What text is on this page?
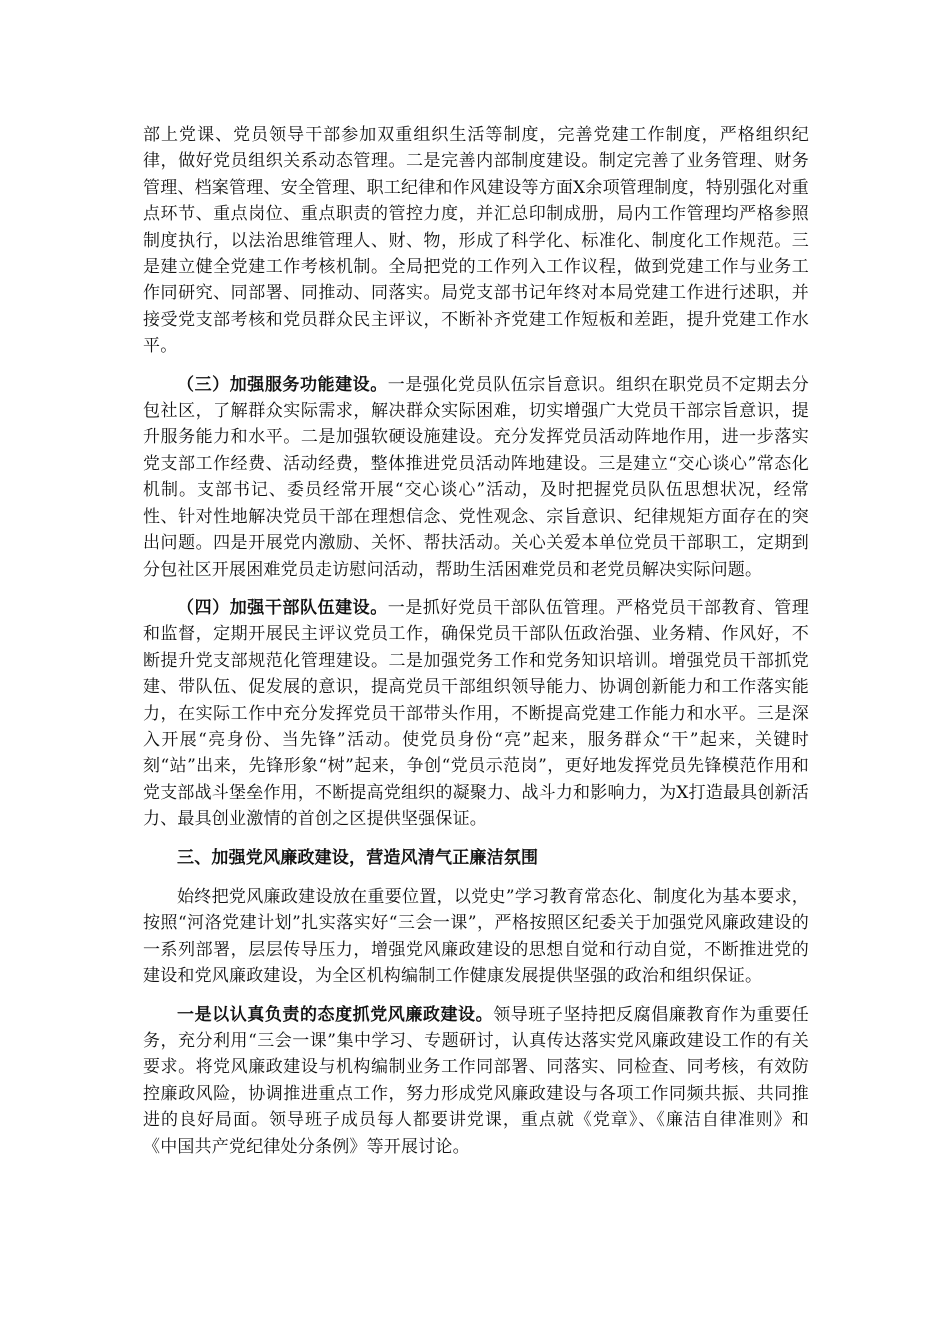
部上党课、党员领导干部参加双重组织生活等制度，完善党建工作制度，严格组织纪律，做好党员组织关系动态管理。二是完善内部制度建设。制定完善了业务管理、财务管理、档案管理、安全管理、职工纪律和作风建设等方面X余项管理制度，特别强化对重点环节、重点岗位、重点职责的管控力度，并汇总印制成册，局内工作管理均严格参照制度执行，以法治思维管理人、财、物，形成了科学化、标准化、制度化工作规范。三是建立健全党建工作考核机制。全局把党的工作列入工作议程，做到党建工作与业务工作同研究、同部署、同推动、同落实。局党支部书记年终对本局党建工作进行述职，并接受党支部考核和党员群众民主评议，不断补齐党建工作短板和差距，提升党建工作水平。

（三）加强服务功能建设。一是强化党员队伍宗旨意识。组织在职党员不定期去分包社区，了解群众实际需求，解决群众实际困难，切实增强广大党员干部宗旨意识，提升服务能力和水平。二是加强软硬设施建设。充分发挥党员活动阵地作用，进一步落实党支部工作经费、活动经费，整体推进党员活动阵地建设。三是建立“交心谈心”常态化机制。支部书记、委员经常开展“交心谈心”活动，及时把握党员队伍思想状况，经常性、针对性地解决党员干部在理想信念、党性观念、宗旨意识、纪律规矩方面存在的突出问题。四是开展党内激励、关怀、帮扶活动。关心关爱本单位党员干部职工，定期到分包社区开展困难党员走访慰问活动，帮助生活困难党员和老党员解决实际问题。

（四）加强干部队伍建设。一是抓好党员干部队伍管理。严格党员干部教育、管理和监督，定期开展民主评议党员工作，确保党员干部队伍政治强、业务精、作风好，不断提升党支部规范化管理建设。二是加强党务工作和党务知识培训。增强党员干部抓党建、带队伍、促发展的意识，提高党员干部组织领导能力、协调创新能力和工作落实能力，在实际工作中充分发挥党员干部带头作用，不断提高党建工作能力和水平。三是深入开展“亮身份、当先锋”活动。使党员身份“亮”起来，服务群众“干”起来，关键时刻“站”出来，先锋形象“树”起来，争创“党员示范岗”，更好地发挥党员先锋模范作用和党支部战斗堡垒作用，不断提高党组织的凝聚力、战斗力和影响力，为X打造最具创新活力、最具创业激情的首创之区提供坚强保证。

三、加强党风廉政建设，营造风清气正廉洁氛围

始终把党风廉政建设放在重要位置，以党史”学习教育常态化、制度化为基本要求，按照“河洛党建计划”扎实落实好“三会一课”，严格按照区纪委关于加强党风廉政建设的一系列部署，层层传导压力，增强党风廉政建设的思想自觉和行动自觉，不断推进党的建设和党风廉政建设，为全区机构编制工作健康发展提供坚强的政治和组织保证。

一是以认真负责的态度抓党风廉政建设。领导班子坚持把反腐倡廉教育作为重要任务，充分利用“三会一课”集中学习、专题研讨，认真传达落实党风廉政建设工作的有关要求。将党风廉政建设与机构编制业务工作同部署、同落实、同检查、同考核，有效防控廉政风险，协调推进重点工作，努力形成党风廉政建设与各项工作同频共振、共同推进的良好局面。领导班子成员每人都要讲党课，重点就《党章》、《廉洁自律准则》和《中国共产党纪律处分条例》等开展讨论。
